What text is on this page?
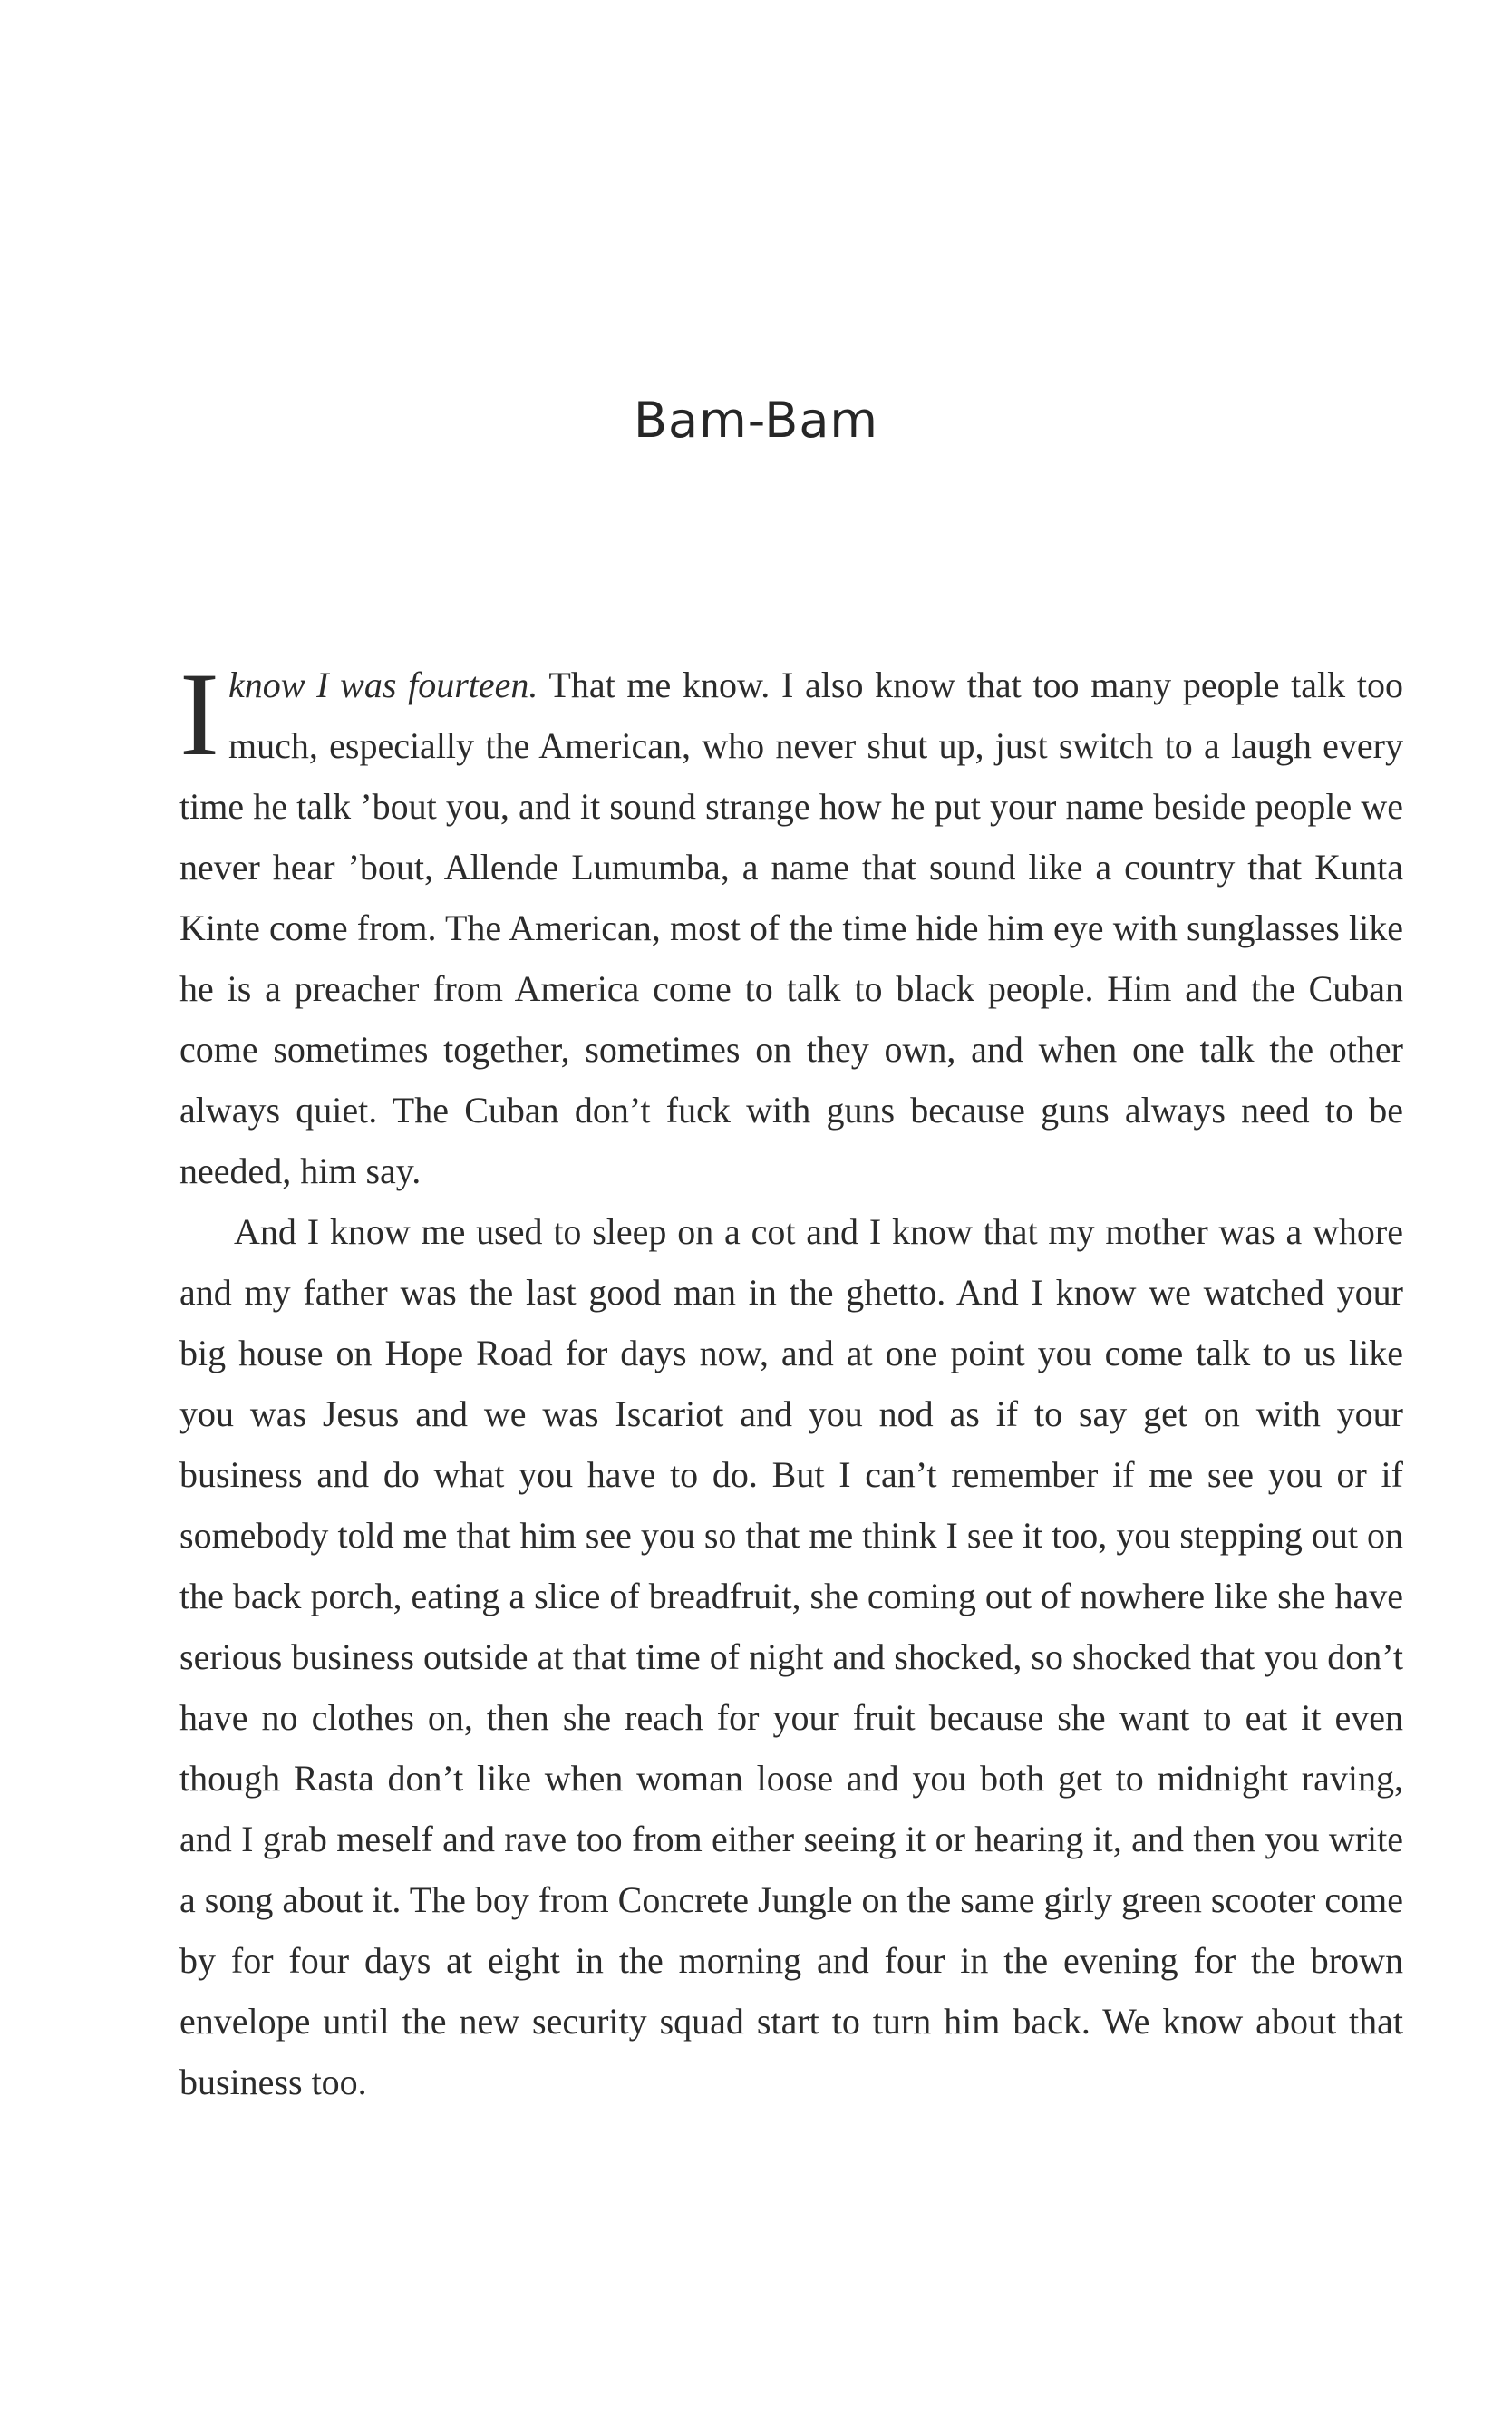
Bam-Bam

Iknow I was fourteen. That me know. I also know that too many people talk too much, especially the American, who never shut up, just switch to a laugh every time he talk ’bout you, and it sound strange how he put your name beside people we never hear ’bout, Allende Lumumba, a name that sound like a country that Kunta Kinte come from. The American, most of the time hide him eye with sunglasses like he is a preacher from America come to talk to black people. Him and the Cuban come sometimes together, sometimes on they own, and when one talk the other always quiet. The Cuban don’t fuck with guns because guns always need to be needed, him say.

And I know me used to sleep on a cot and I know that my mother was a whore and my father was the last good man in the ghetto. And I know we watched your big house on Hope Road for days now, and at one point you come talk to us like you was Jesus and we was Iscariot and you nod as if to say get on with your business and do what you have to do. But I can’t remember if me see you or if somebody told me that him see you so that me think I see it too, you stepping out on the back porch, eating a slice of breadfruit, she coming out of nowhere like she have serious business outside at that time of night and shocked, so shocked that you don’t have no clothes on, then she reach for your fruit because she want to eat it even though Rasta don’t like when woman loose and you both get to midnight raving, and I grab meself and rave too from either seeing it or hearing it, and then you write a song about it. The boy from Concrete Jungle on the same girly green scooter come by for four days at eight in the morning and four in the evening for the brown envelope until the new security squad start to turn him back. We know about that business too.
